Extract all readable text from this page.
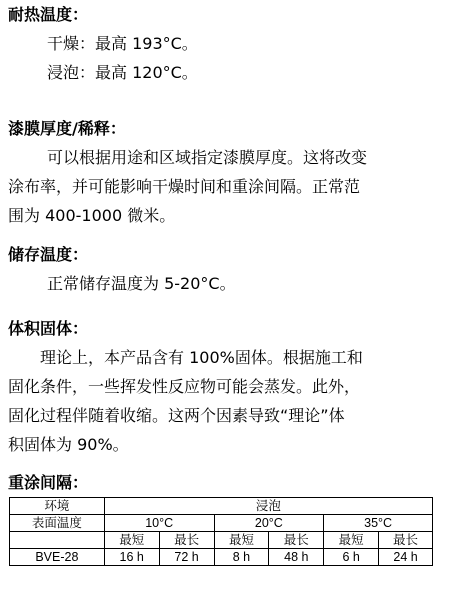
耐热温度：
干燥：最高 193°C。
浸泡：最高 120°C。
漆膜厚度/稀释：
可以根据用途和区域指定漆膜厚度。这将改变
涂布率，并可能影响干燥时间和重涂间隔。正常范
围为 400-1000 微米。
储存温度：
正常储存温度为 5-20°C。
体积固体：
理论上，本产品含有 100%固体。根据施工和
固化条件，一些挥发性反应物可能会蒸发。此外，
固化过程伴随着收缩。这两个因素导致“理论”体
积固体为 90%。
重涂间隔：
环境	浸泡					
表面温度	10°C		20°C		35°C	
	最短	最长	最短	最长	最短	最长
BVE-28	16 h	72 h	8 h	48 h	6 h	24 h
